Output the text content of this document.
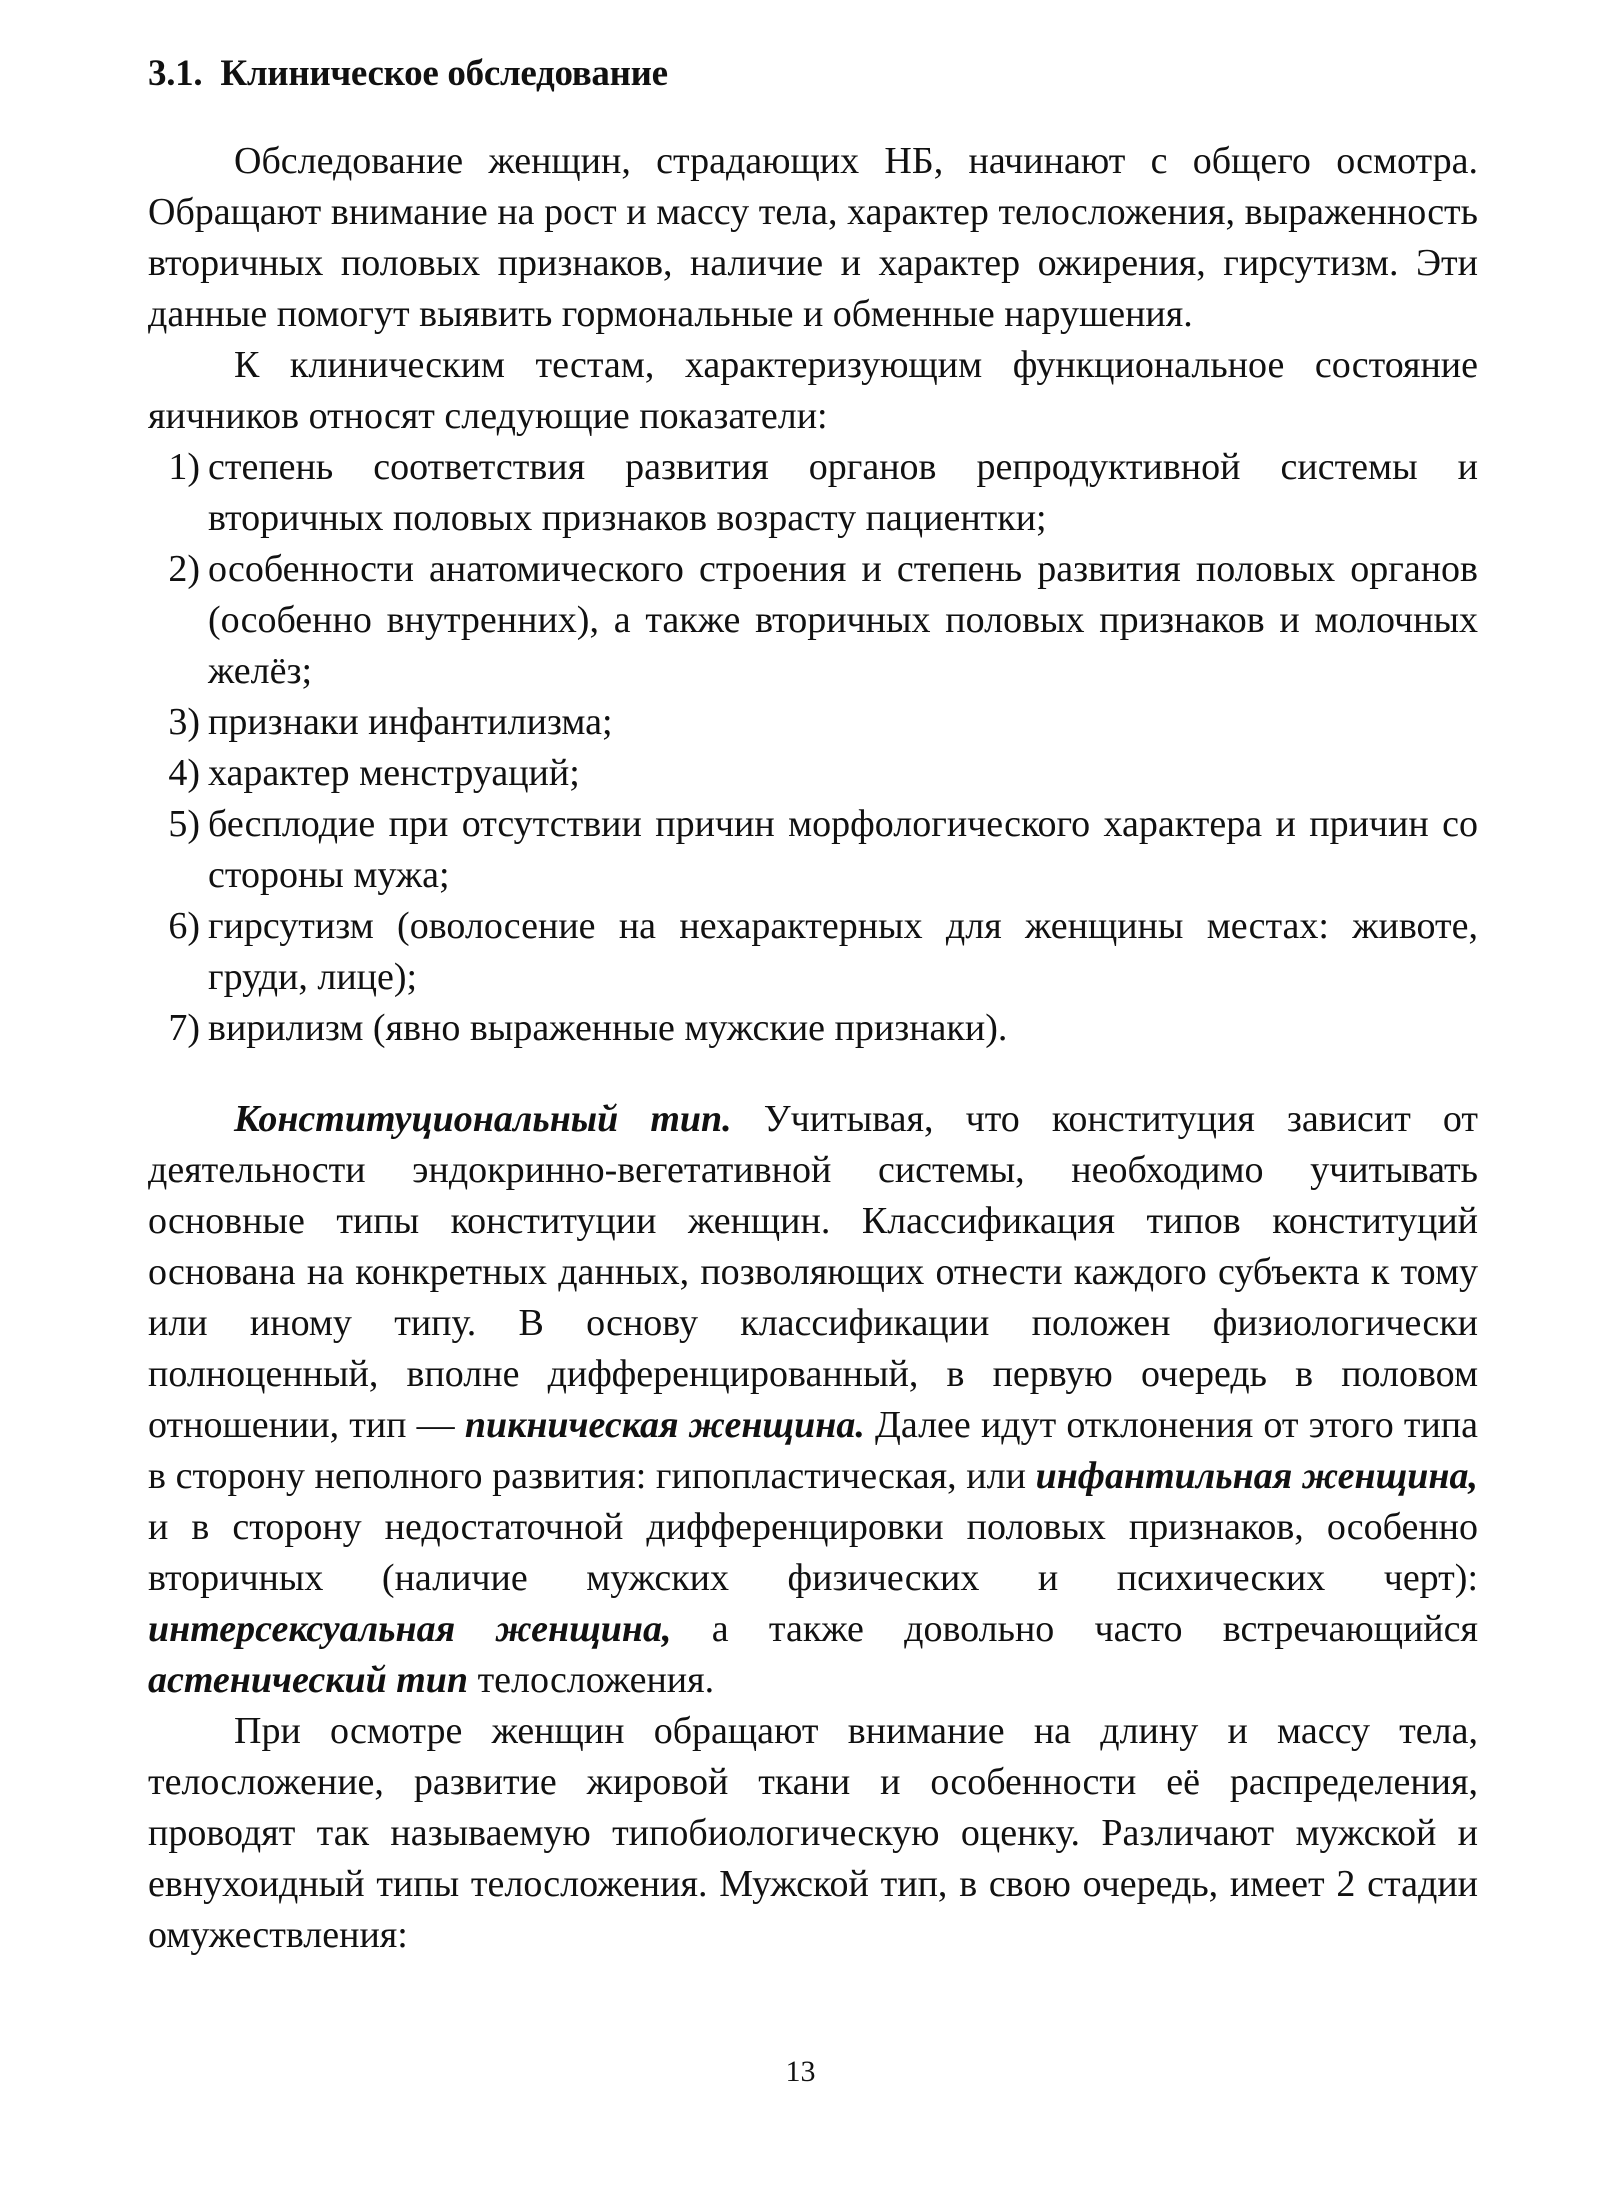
3.1. Клиническое обследование

Обследование женщин, страдающих НБ, начинают с общего осмотра. Обращают внимание на рост и массу тела, характер телосложения, выраженность вторичных половых признаков, наличие и характер ожирения, гирсутизм. Эти данные помогут выявить гормональные и обменные нарушения.

К клиническим тестам, характеризующим функциональное состояние яичников относят следующие показатели:

1) степень соответствия развития органов репродуктивной системы и вторичных половых признаков возрасту пациентки;
2) особенности анатомического строения и степень развития половых органов (особенно внутренних), а также вторичных половых признаков и молочных желёз;
3) признаки инфантилизма;
4) характер менструаций;
5) бесплодие при отсутствии причин морфологического характера и причин со стороны мужа;
6) гирсутизм (оволосение на нехарактерных для женщины местах: животе, груди, лице);
7) вирилизм (явно выраженные мужские признаки).

Конституциональный тип. Учитывая, что конституция зависит от деятельности эндокринно-вегетативной системы, необходимо учитывать основные типы конституции женщин. Классификация типов конституций основана на конкретных данных, позволяющих отнести каждого субъекта к тому или иному типу. В основу классификации положен физиологически полноценный, вполне дифференцированный, в первую очередь в половом отношении, тип — пикническая женщина. Далее идут отклонения от этого типа в сторону неполного развития: гипопластическая, или инфантильная женщина, и в сторону недостаточной дифференцировки половых признаков, особенно вторичных (наличие мужских физических и психических черт): интерсексуальная женщина, а также довольно часто встречающийся астенический тип телосложения.

При осмотре женщин обращают внимание на длину и массу тела, телосложение, развитие жировой ткани и особенности её распределения, проводят так называемую типобиологическую оценку. Различают мужской и евнухоидный типы телосложения. Мужской тип, в свою очередь, имеет 2 стадии омужествления:

13
